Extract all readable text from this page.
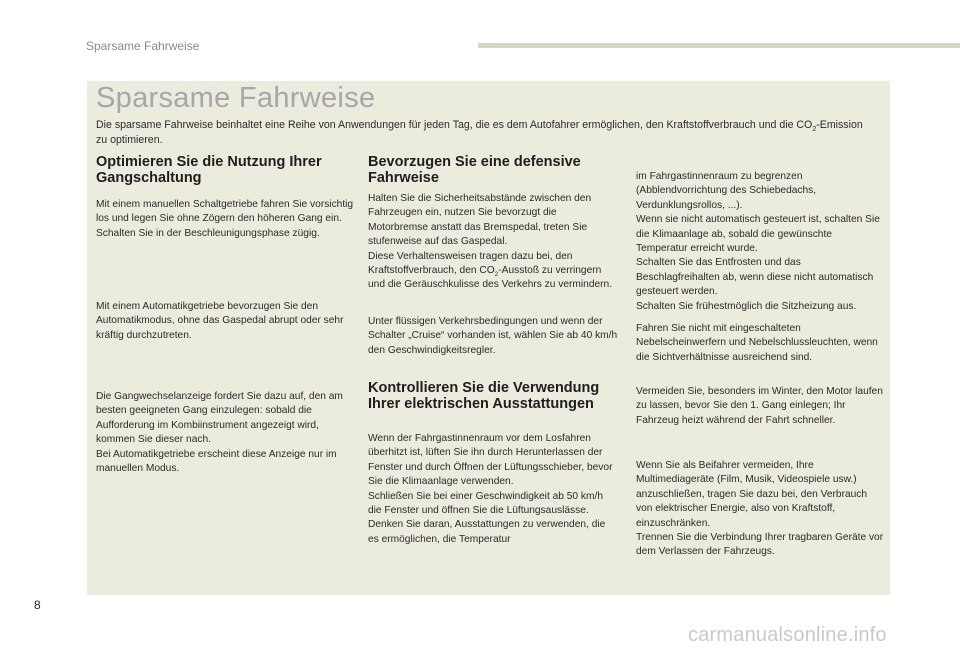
Sparsame Fahrweise
Sparsame Fahrweise
Die sparsame Fahrweise beinhaltet eine Reihe von Anwendungen für jeden Tag, die es dem Autofahrer ermöglichen, den Kraftstoffverbrauch und die $CO_2$-Emission zu optimieren.
Optimieren Sie die Nutzung Ihrer Gangschaltung

Mit einem manuellen Schaltgetriebe fahren Sie vorsichtig los und legen Sie ohne Zögern den höheren Gang ein. Schalten Sie in der Beschleunigungsphase zügig.

Mit einem Automatikgetriebe bevorzugen Sie den Automatikmodus, ohne das Gaspedal abrupt oder sehr kräftig durchzutreten.

Die Gangwechselanzeige fordert Sie dazu auf, den am besten geeigneten Gang einzulegen: sobald die Aufforderung im Kombiinstrument angezeigt wird, kommen Sie dieser nach.

Bei Automatikgetriebe erscheint diese Anzeige nur im manuellen Modus.

Bevorzugen Sie eine defensive Fahrweise

Halten Sie die Sicherheitsabstände zwischen den Fahrzeugen ein, nutzen Sie bevorzugt die Motorbremse anstatt das Bremspedal, treten Sie stufenweise auf das Gaspedal.

Diese Verhaltensweisen tragen dazu bei, den Kraftstoffverbrauch, den $CO_2$-Ausstoß zu verringern und die Geräuschkulisse des Verkehrs zu vermindern.

Unter flüssigen Verkehrsbedingungen und wenn der Schalter „Cruise“ vorhanden ist, wählen Sie ab 40 km/h den Geschwindigkeitsregler.

Kontrollieren Sie die Verwendung Ihrer elektrischen Ausstattungen

Wenn der Fahrgastinnenraum vor dem Losfahren überhitzt ist, lüften Sie ihn durch Herunterlassen der Fenster und durch Öffnen der Lüftungsschieber, bevor Sie die Klimaanlage verwenden.

Schließen Sie bei einer Geschwindigkeit ab 50 km/h die Fenster und öffnen Sie die Lüftungsauslässe.

Denken Sie daran, Ausstattungen zu verwenden, die es ermöglichen, die Temperatur

im Fahrgastinnenraum zu begrenzen (Abblendvorrichtung des Schiebedachs, Verdunklungsrollos, ...).

Wenn sie nicht automatisch gesteuert ist, schalten Sie die Klimaanlage ab, sobald die gewünschte Temperatur erreicht wurde.

Schalten Sie das Entfrosten und das Beschlagfreihalten ab, wenn diese nicht automatisch gesteuert werden.

Schalten Sie frühestmöglich die Sitzheizung aus.

Fahren Sie nicht mit eingeschalteten Nebelscheinwerfern und Nebelschlussleuchten, wenn die Sichtverhältnisse ausreichend sind.

Vermeiden Sie, besonders im Winter, den Motor laufen zu lassen, bevor Sie den 1. Gang einlegen; Ihr Fahrzeug heizt während der Fahrt schneller.

Wenn Sie als Beifahrer vermeiden, Ihre Multimediageräte (Film, Musik, Videospiele usw.) anzuschließen, tragen Sie dazu bei, den Verbrauch von elektrischer Energie, also von Kraftstoff, einzuschränken.

Trennen Sie die Verbindung Ihrer tragbaren Geräte vor dem Verlassen der Fahrzeugs.

8
carmanualsonline.info
